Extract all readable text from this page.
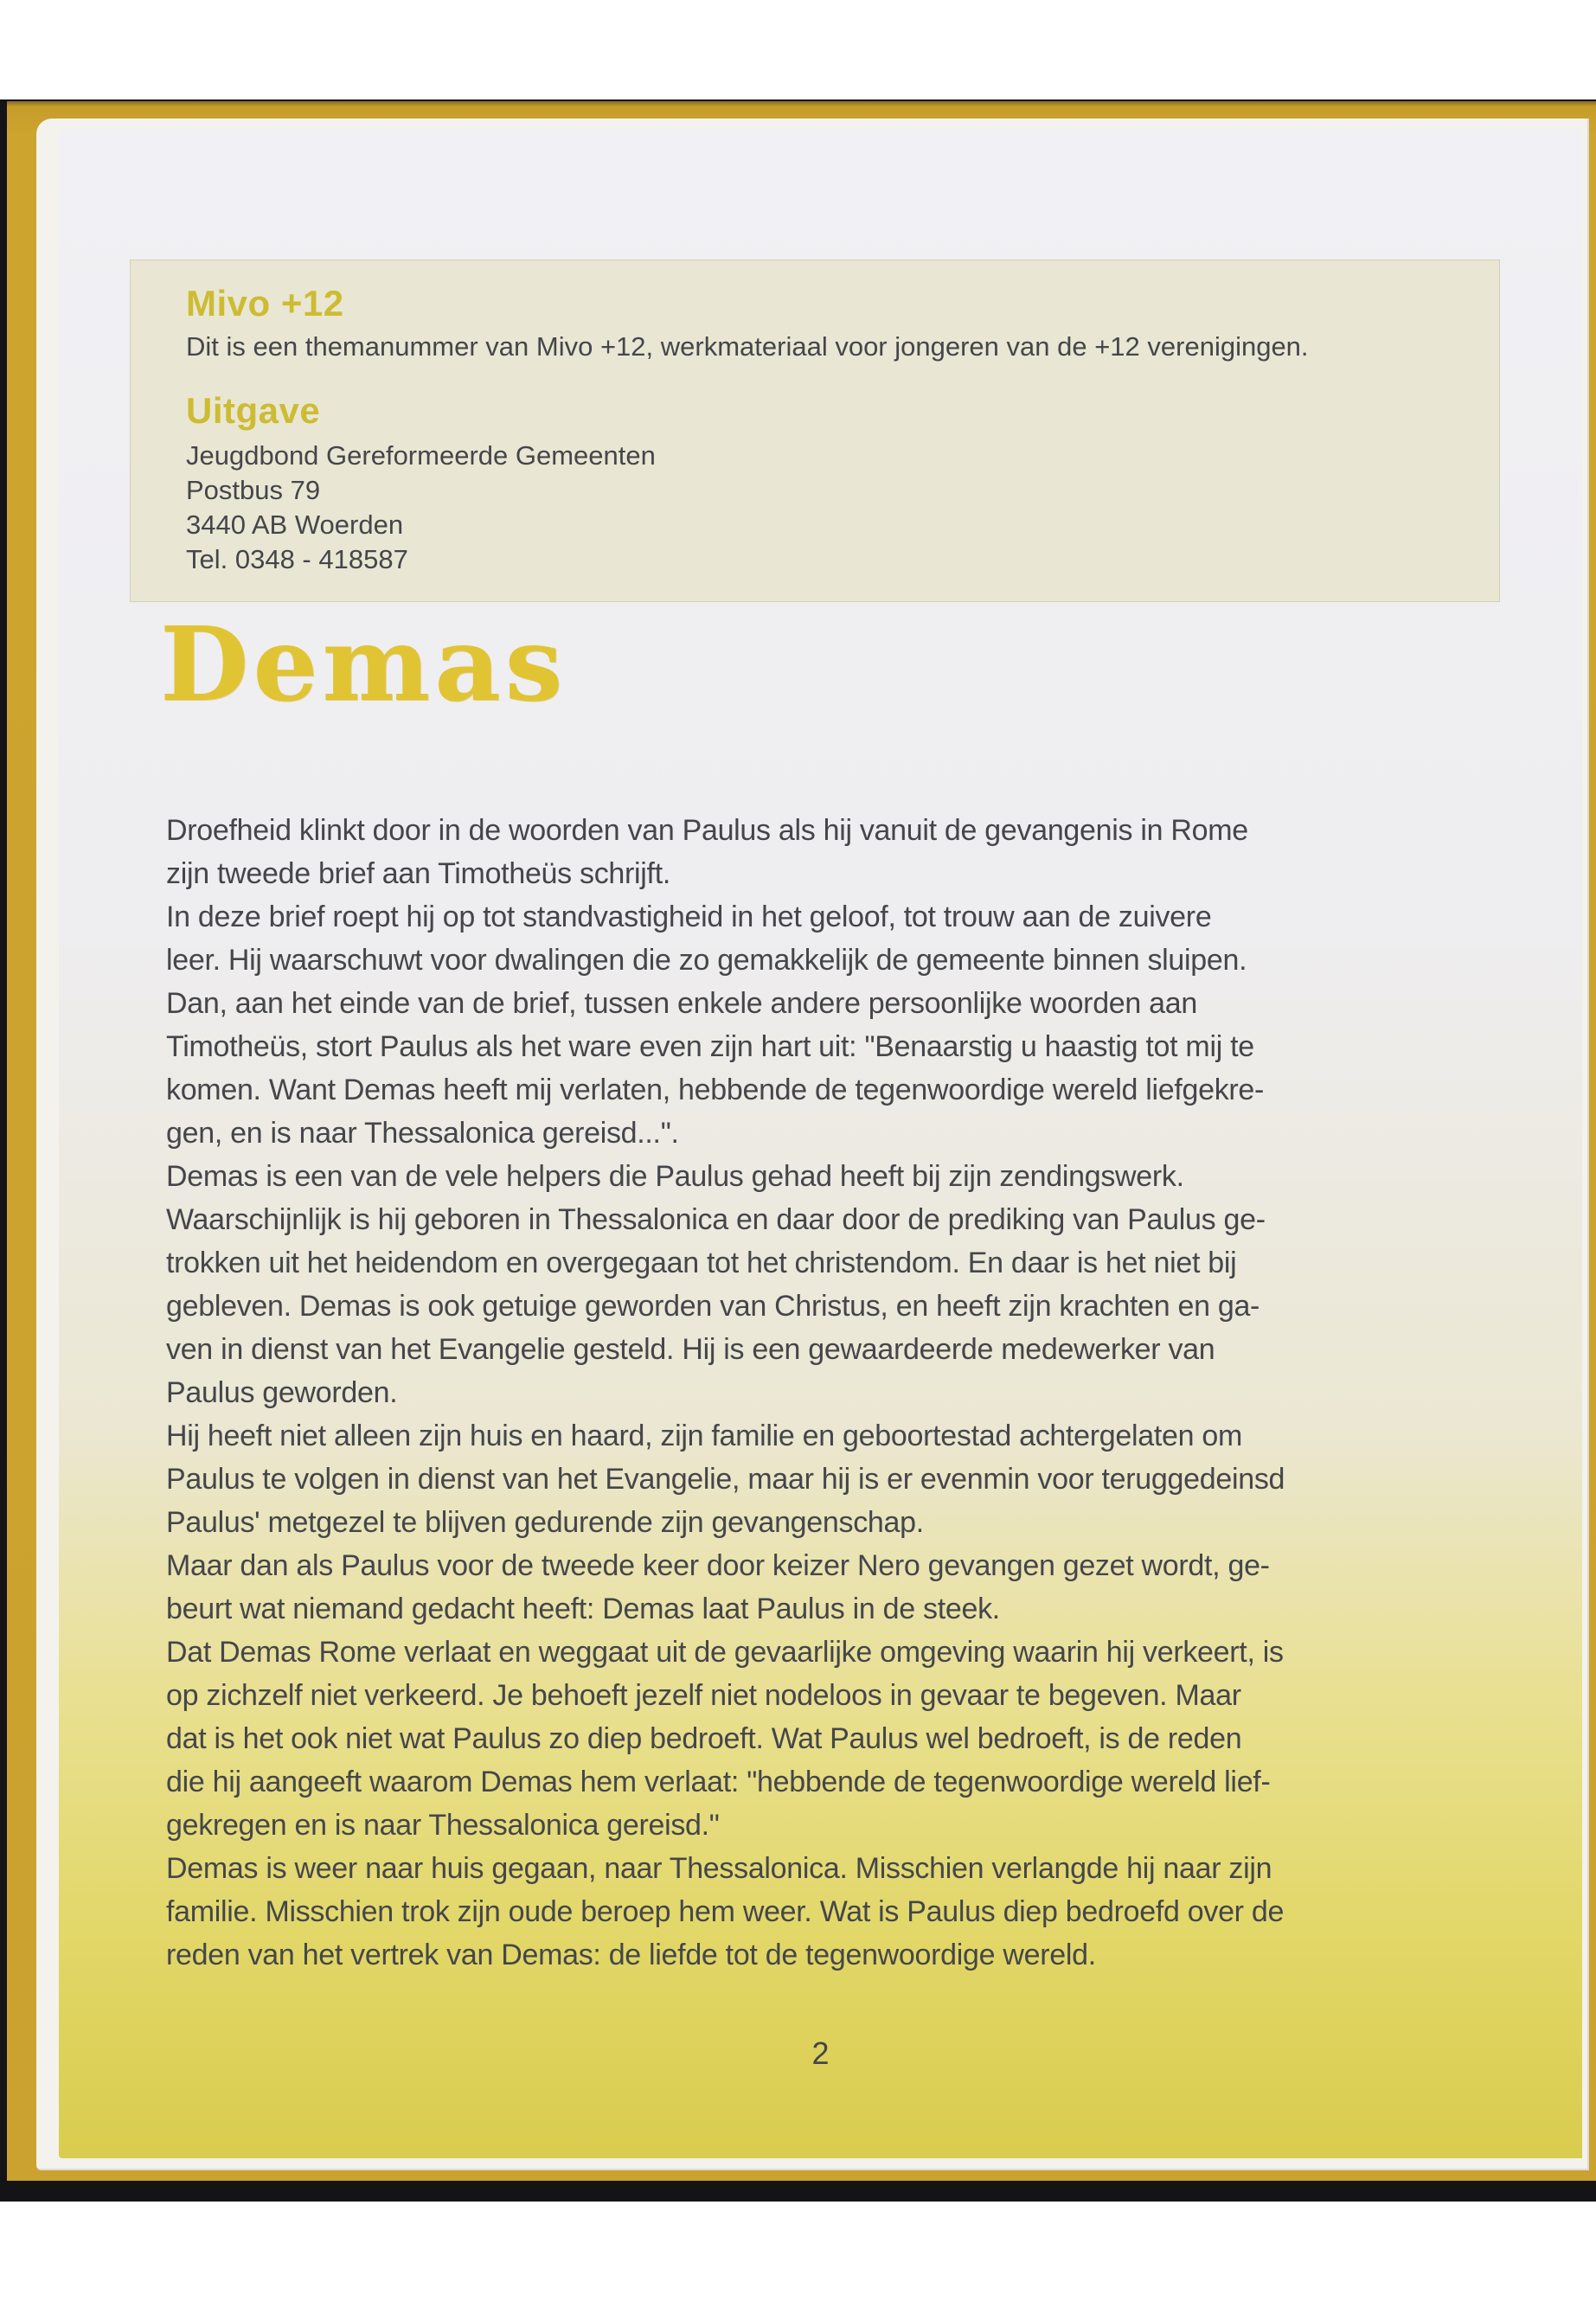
Mivo +12
Dit is een themanummer van Mivo +12, werkmateriaal voor jongeren van de +12 verenigingen.
Uitgave
Jeugdbond Gereformeerde Gemeenten
Postbus 79
3440 AB Woerden
Tel. 0348 - 418587
Demas
Droefheid klinkt door in de woorden van Paulus als hij vanuit de gevangenis in Rome
zijn tweede brief aan Timotheüs schrijft.
In deze brief roept hij op tot standvastigheid in het geloof, tot trouw aan de zuivere
leer. Hij waarschuwt voor dwalingen die zo gemakkelijk de gemeente binnen sluipen.
Dan, aan het einde van de brief, tussen enkele andere persoonlijke woorden aan
Timotheüs, stort Paulus als het ware even zijn hart uit: "Benaarstig u haastig tot mij te
komen. Want Demas heeft mij verlaten, hebbende de tegenwoordige wereld liefgekre-
gen, en is naar Thessalonica gereisd...".
Demas is een van de vele helpers die Paulus gehad heeft bij zijn zendingswerk.
Waarschijnlijk is hij geboren in Thessalonica en daar door de prediking van Paulus ge-
trokken uit het heidendom en overgegaan tot het christendom. En daar is het niet bij
gebleven. Demas is ook getuige geworden van Christus, en heeft zijn krachten en ga-
ven in dienst van het Evangelie gesteld. Hij is een gewaardeerde medewerker van
Paulus geworden.
Hij heeft niet alleen zijn huis en haard, zijn familie en geboortestad achtergelaten om
Paulus te volgen in dienst van het Evangelie, maar hij is er evenmin voor teruggedeinsd
Paulus' metgezel te blijven gedurende zijn gevangenschap.
Maar dan als Paulus voor de tweede keer door keizer Nero gevangen gezet wordt, ge-
beurt wat niemand gedacht heeft: Demas laat Paulus in de steek.
Dat Demas Rome verlaat en weggaat uit de gevaarlijke omgeving waarin hij verkeert, is
op zichzelf niet verkeerd. Je behoeft jezelf niet nodeloos in gevaar te begeven. Maar
dat is het ook niet wat Paulus zo diep bedroeft. Wat Paulus wel bedroeft, is de reden
die hij aangeeft waarom Demas hem verlaat: "hebbende de tegenwoordige wereld lief-
gekregen en is naar Thessalonica gereisd."
Demas is weer naar huis gegaan, naar Thessalonica. Misschien verlangde hij naar zijn
familie. Misschien trok zijn oude beroep hem weer. Wat is Paulus diep bedroefd over de
reden van het vertrek van Demas: de liefde tot de tegenwoordige wereld.
2
